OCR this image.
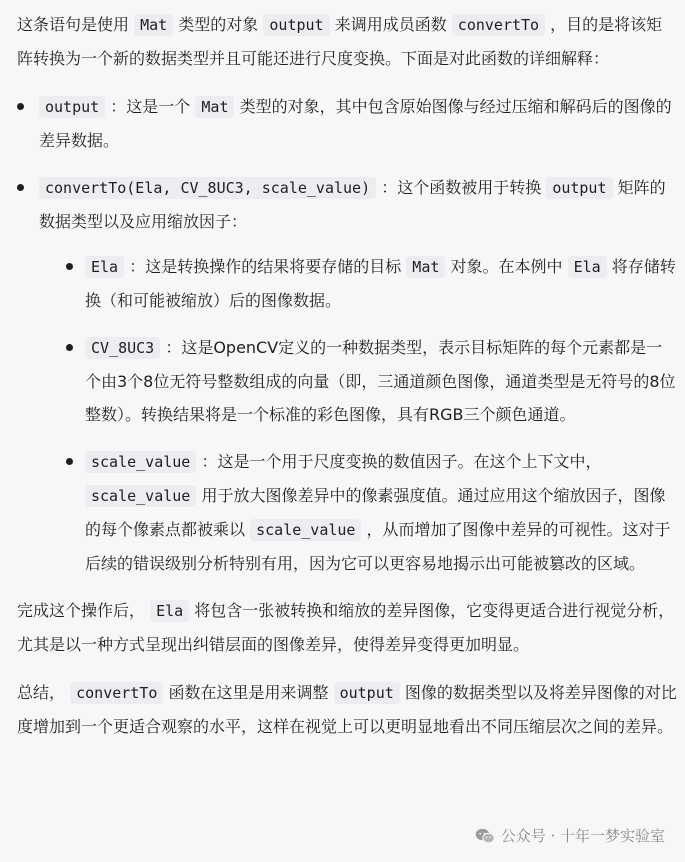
这条语句是使用 Mat 类型的对象 output 来调用成员函数 convertTo ，目的是将该矩阵转换为一个新的数据类型并且可能还进行尺度变换。下面是对此函数的详细解释：

output ：这是一个 Mat 类型的对象，其中包含原始图像与经过压缩和解码后的图像的差异数据。
convertTo(Ela, CV_8UC3, scale_value) ：这个函数被用于转换 output 矩阵的数据类型以及应用缩放因子：
Ela ：这是转换操作的结果将要存储的目标 Mat 对象。在本例中 Ela 将存储转换（和可能被缩放）后的图像数据。
CV_8UC3 ：这是OpenCV定义的一种数据类型，表示目标矩阵的每个元素都是一个由3个8位无符号整数组成的向量（即，三通道颜色图像，通道类型是无符号的8位整数）。转换结果将是一个标准的彩色图像，具有RGB三个颜色通道。
scale_value ：这是一个用于尺度变换的数值因子。在这个上下文中， scale_value 用于放大图像差异中的像素强度值。通过应用这个缩放因子，图像的每个像素点都被乘以 scale_value ，从而增加了图像中差异的可视性。这对于后续的错误级别分析特别有用，因为它可以更容易地揭示出可能被篡改的区域。

完成这个操作后， Ela 将包含一张被转换和缩放的差异图像，它变得更适合进行视觉分析，尤其是以一种方式呈现出纠错层面的图像差异，使得差异变得更加明显。

总结， convertTo 函数在这里是用来调整 output 图像的数据类型以及将差异图像的对比度增加到一个更适合观察的水平，这样在视觉上可以更明显地看出不同压缩层次之间的差异。

公众号 · 十年一梦实验室
